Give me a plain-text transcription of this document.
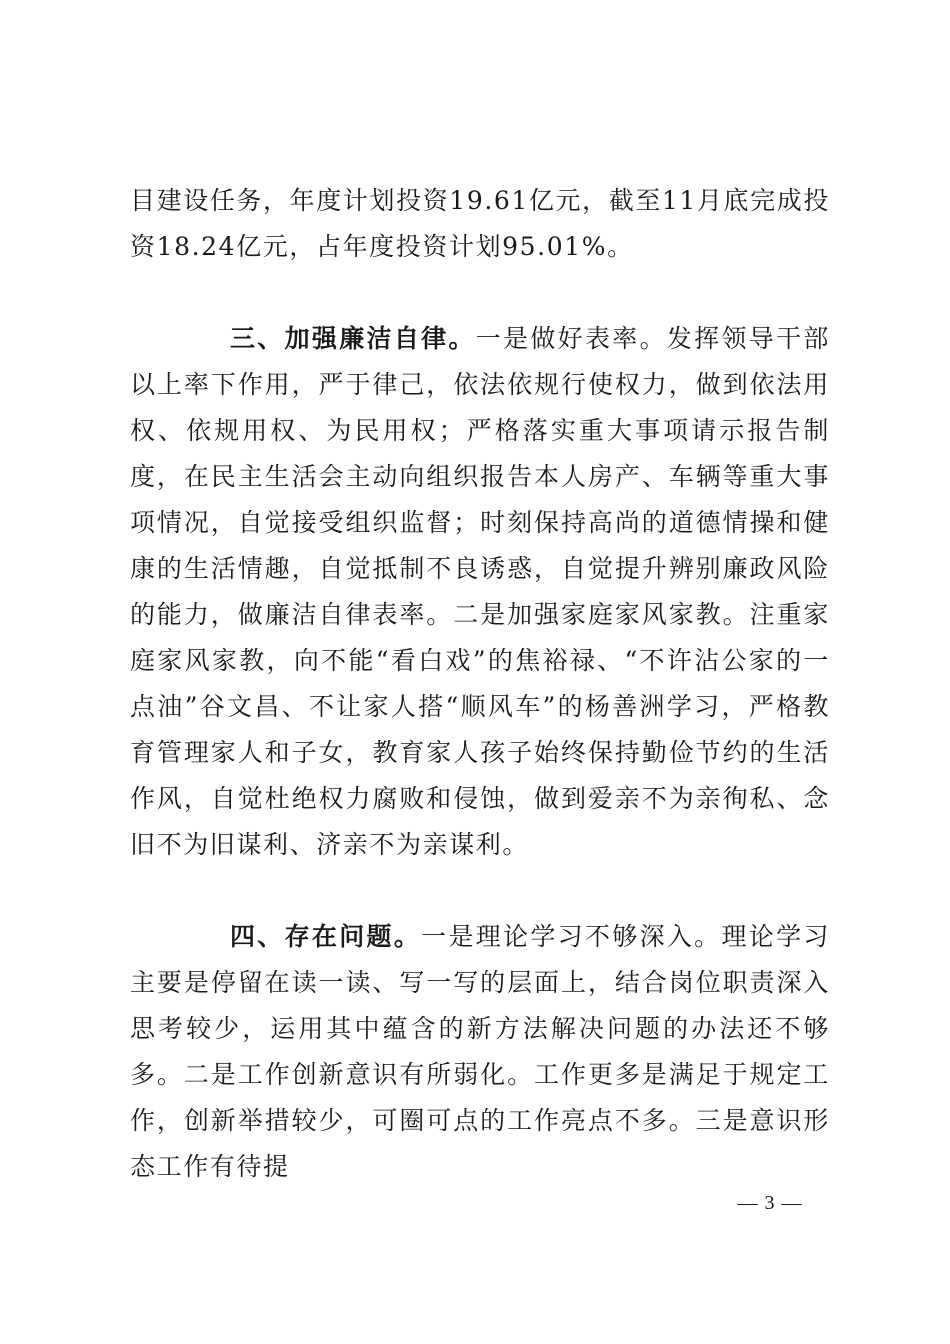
目建设任务，年度计划投资19.61亿元，截至11月底完成投资18.24亿元，占年度投资计划95.01%。

三、加强廉洁自律。一是做好表率。发挥领导干部以上率下作用，严于律己，依法依规行使权力，做到依法用权、依规用权、为民用权；严格落实重大事项请示报告制度，在民主生活会主动向组织报告本人房产、车辆等重大事项情况，自觉接受组织监督；时刻保持高尚的道德情操和健康的生活情趣，自觉抵制不良诱惑，自觉提升辨别廉政风险的能力，做廉洁自律表率。二是加强家庭家风家教。注重家庭家风家教，向不能“看白戏”的焦裕禄、“不许沾公家的一点油”谷文昌、不让家人搭“顺风车”的杨善洲学习，严格教育管理家人和子女，教育家人孩子始终保持勤俭节约的生活作风，自觉杜绝权力腐败和侵蚀，做到爱亲不为亲徇私、念旧不为旧谋利、济亲不为亲谋利。

四、存在问题。一是理论学习不够深入。理论学习主要是停留在读一读、写一写的层面上，结合岗位职责深入思考较少，运用其中蕴含的新方法解决问题的办法还不够多。二是工作创新意识有所弱化。工作更多是满足于规定工作，创新举措较少，可圈可点的工作亮点不多。三是意识形态工作有待提

— 3 —
